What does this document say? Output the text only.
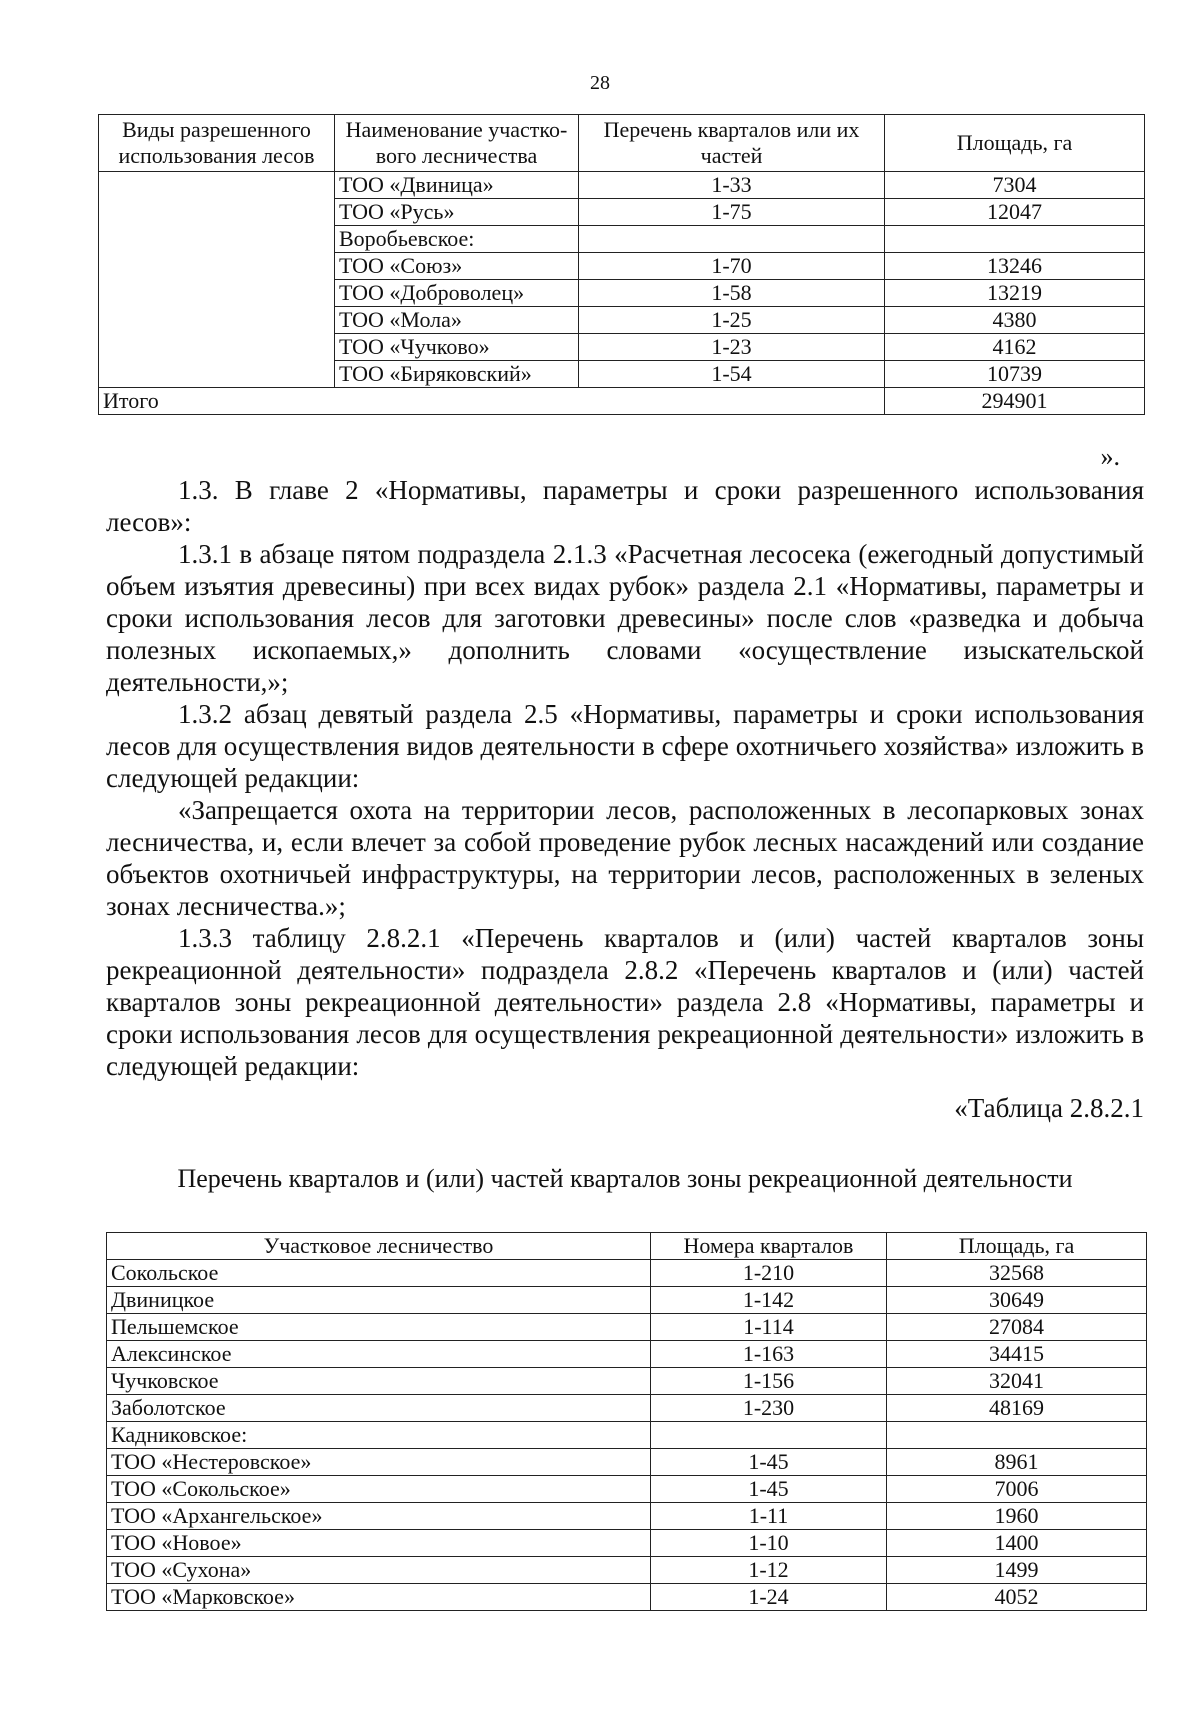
28
Виды разрешенного использования лесов	Наименование участко-вого лесничества	Перечень кварталов или их частей	Площадь, га
	ТОО «Двиница»	1-33	7304
	ТОО «Русь»	1-75	12047
	Воробьевское:		
	ТОО «Союз»	1-70	13246
	ТОО «Доброволец»	1-58	13219
	ТОО «Мола»	1-25	4380
	ТОО «Чучково»	1-23	4162
	ТОО «Биряковский»	1-54	10739
Итого			294901
».

1.3. В главе 2 «Нормативы, параметры и сроки разрешенного использования лесов»:

1.3.1 в абзаце пятом подраздела 2.1.3 «Расчетная лесосека (ежегодный допустимый объем изъятия древесины) при всех видах рубок» раздела 2.1 «Нормативы, параметры и сроки использования лесов для заготовки древесины» после слов «разведка и добыча полезных ископаемых,» дополнить словами «осуществление изыскательской деятельности,»;

1.3.2 абзац девятый раздела 2.5 «Нормативы, параметры и сроки использования лесов для осуществления видов деятельности в сфере охотничьего хозяйства» изложить в следующей редакции:

«Запрещается охота на территории лесов, расположенных в лесопарковых зонах лесничества, и, если влечет за собой проведение рубок лесных насаждений или создание объектов охотничьей инфраструктуры, на территории лесов, расположенных в зеленых зонах лесничества.»;

1.3.3 таблицу 2.8.2.1 «Перечень кварталов и (или) частей кварталов зоны рекреационной деятельности» подраздела 2.8.2 «Перечень кварталов и (или) частей кварталов зоны рекреационной деятельности» раздела 2.8 «Нормативы, параметры и сроки использования лесов для осуществления рекреационной деятельности» изложить в следующей редакции:

«Таблица 2.8.2.1

Перечень кварталов и (или) частей кварталов зоны рекреационной деятельности
Участковое лесничество	Номера кварталов	Площадь, га
Сокольское	1-210	32568
Двиницкое	1-142	30649
Пельшемское	1-114	27084
Алексинское	1-163	34415
Чучковское	1-156	32041
Заболотское	1-230	48169
Кадниковское:		
ТОО «Нестеровское»	1-45	8961
ТОО «Сокольское»	1-45	7006
ТОО «Архангельское»	1-11	1960
ТОО «Новое»	1-10	1400
ТОО «Сухона»	1-12	1499
ТОО «Марковское»	1-24	4052
